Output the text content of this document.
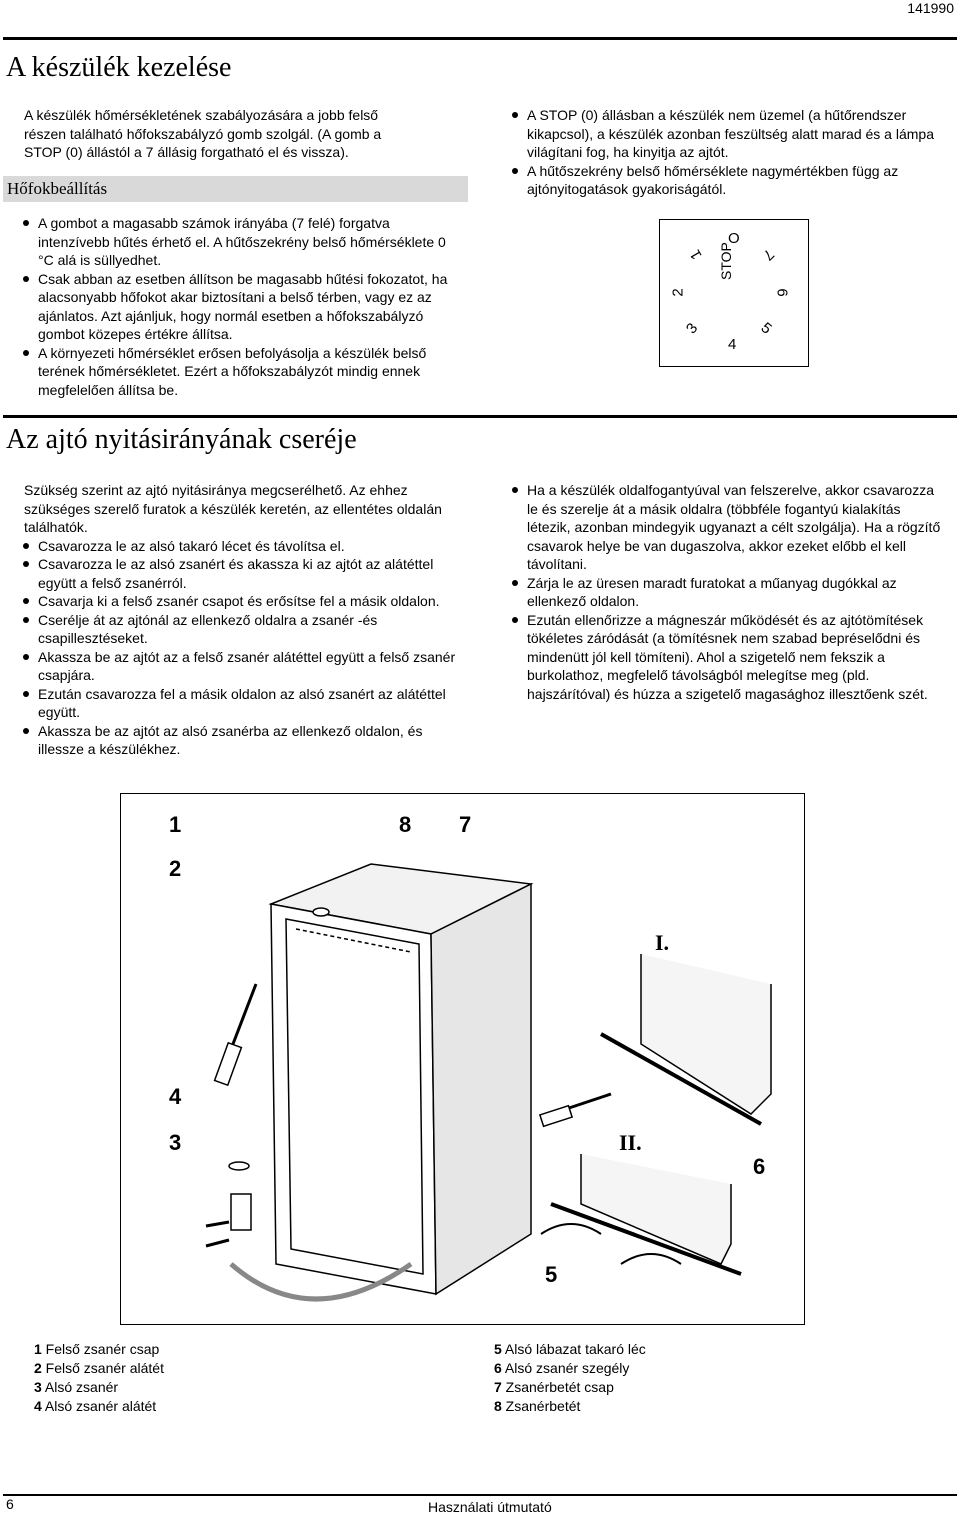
141990
A készülék kezelése

A készülék hőmérsékletének szabályozására a jobb felső

részen található hőfokszabályzó gomb szolgál. (A gomb a

STOP (0) állástól a 7 állásig forgatható el és vissza).

Hőfokbeállítás
A gombot a magasabb számok irányába (7 felé) forgatva intenzívebb hűtés érhető el. A hűtőszekrény belső hőmérséklete 0 °C alá is süllyedhet.
Csak abban az esetben állítson be magasabb hűtési fokozatot, ha alacsonyabb hőfokot akar biztosítani a belső térben, vagy ez az ajánlatos. Azt ajánljuk, hogy normál esetben a hőfokszabályzó gombot közepes értékre állítsa.
A környezeti hőmérséklet erősen befolyásolja a készülék belső terének hőmérsékletet. Ezért a hőfokszabályzót mindig ennek megfelelően állítsa be.
A STOP (0) állásban a készülék nem üzemel (a hűtőrendszer kikapcsol), a készülék azonban feszültség alatt marad és a lámpa világítani fog, ha kinyitja az ajtót.
A hűtőszekrény belső hőmérséklete nagymértékben függ az ajtónyitogatások gyakoriságától.
STOP
O
1
2
3
4
5
6
7
Az ajtó nyitásirányának cseréje

Szükség szerint az ajtó nyitásiránya megcserélhető. Az ehhez szükséges szerelő furatok a készülék keretén, az ellentétes oldalán találhatók.

Csavarozza le az alsó takaró lécet és távolítsa el.
Csavarozza le az alsó zsanért és akassza ki az ajtót az alátéttel együtt a felső zsanérról.
Csavarja ki a felső zsanér csapot és erősítse fel a másik oldalon.
Cserélje át az ajtónál az ellenkező oldalra a zsanér -és csapillesztéseket.
Akassza be az ajtót az a felső zsanér alátéttel együtt a felső zsanér csapjára.
Ezután csavarozza fel a másik oldalon az alsó zsanért az alátéttel együtt.
Akassza be az ajtót az alsó zsanérba az ellenkező oldalon, és illessze a készülékhez.
Ha a készülék oldalfogantyúval van felszerelve, akkor csavarozza le és szerelje át a másik oldalra (többféle fogantyú kialakítás létezik, azonban mindegyik ugyanazt a célt szolgálja). Ha a rögzítő csavarok helye be van dugaszolva, akkor ezeket előbb el kell távolítani.
Zárja le az üresen maradt furatokat a műanyag dugókkal az ellenkező oldalon.
Ezután ellenőrizze a mágneszár működését és az ajtótömítések tökéletes záródását (a tömítésnek nem szabad bepréselődni és mindenütt jól kell tömíteni). Ahol a szigetelő nem fekszik a burkolathoz, megfelelő távolságból melegítse meg (pld. hajszárítóval) és húzza a szigetelő magasághoz illesztőenk szét.
1
2
8 7
4
3
6
5
I.
II.
1 Felső zsanér csap
2 Felső zsanér alátét
3 Alsó zsanér
4 Alsó zsanér alátét
5 Alsó lábazat takaró léc
6 Alsó zsanér szegély
7 Zsanérbetét csap
8 Zsanérbetét
6	Használati útmutató
